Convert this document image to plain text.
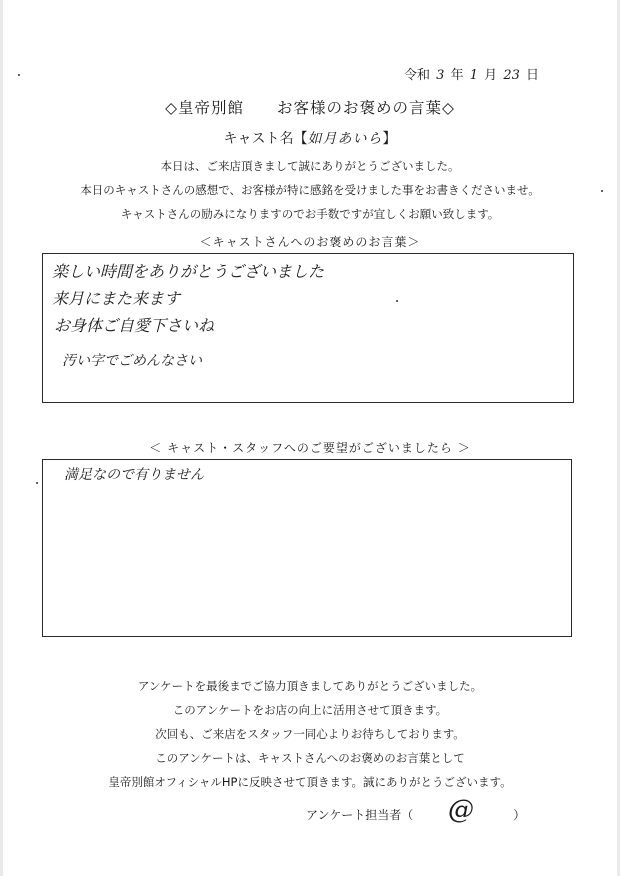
令和 3 年 1 月 23 日
◇皇帝別館　　お客様のお褒めの言葉◇
キャスト名【如月あいら】
本日は、ご来店頂きまして誠にありがとうございました。
本日のキャストさんの感想で、お客様が特に感銘を受けました事をお書きくださいませ。
キャストさんの励みになりますのでお手数ですが宜しくお願い致します。
＜キャストさんへのお褒めのお言葉＞
楽しい時間をありがとうございました
来月にまた来ます
お身体ご自愛下さいね
汚い字でごめんなさい
＜ キャスト・スタッフへのご要望がございましたら ＞
満足なので有りません
アンケートを最後までご協力頂きましてありがとうございました。
このアンケートをお店の向上に活用させて頂きます。
次回も、ご来店をスタッフ一同心よりお待ちしております。
このアンケートは、キャストさんへのお褒めのお言葉として
皇帝別館オフィシャルHPに反映させて頂きます。誠にありがとうございます。
アンケート担当者（	）
@
